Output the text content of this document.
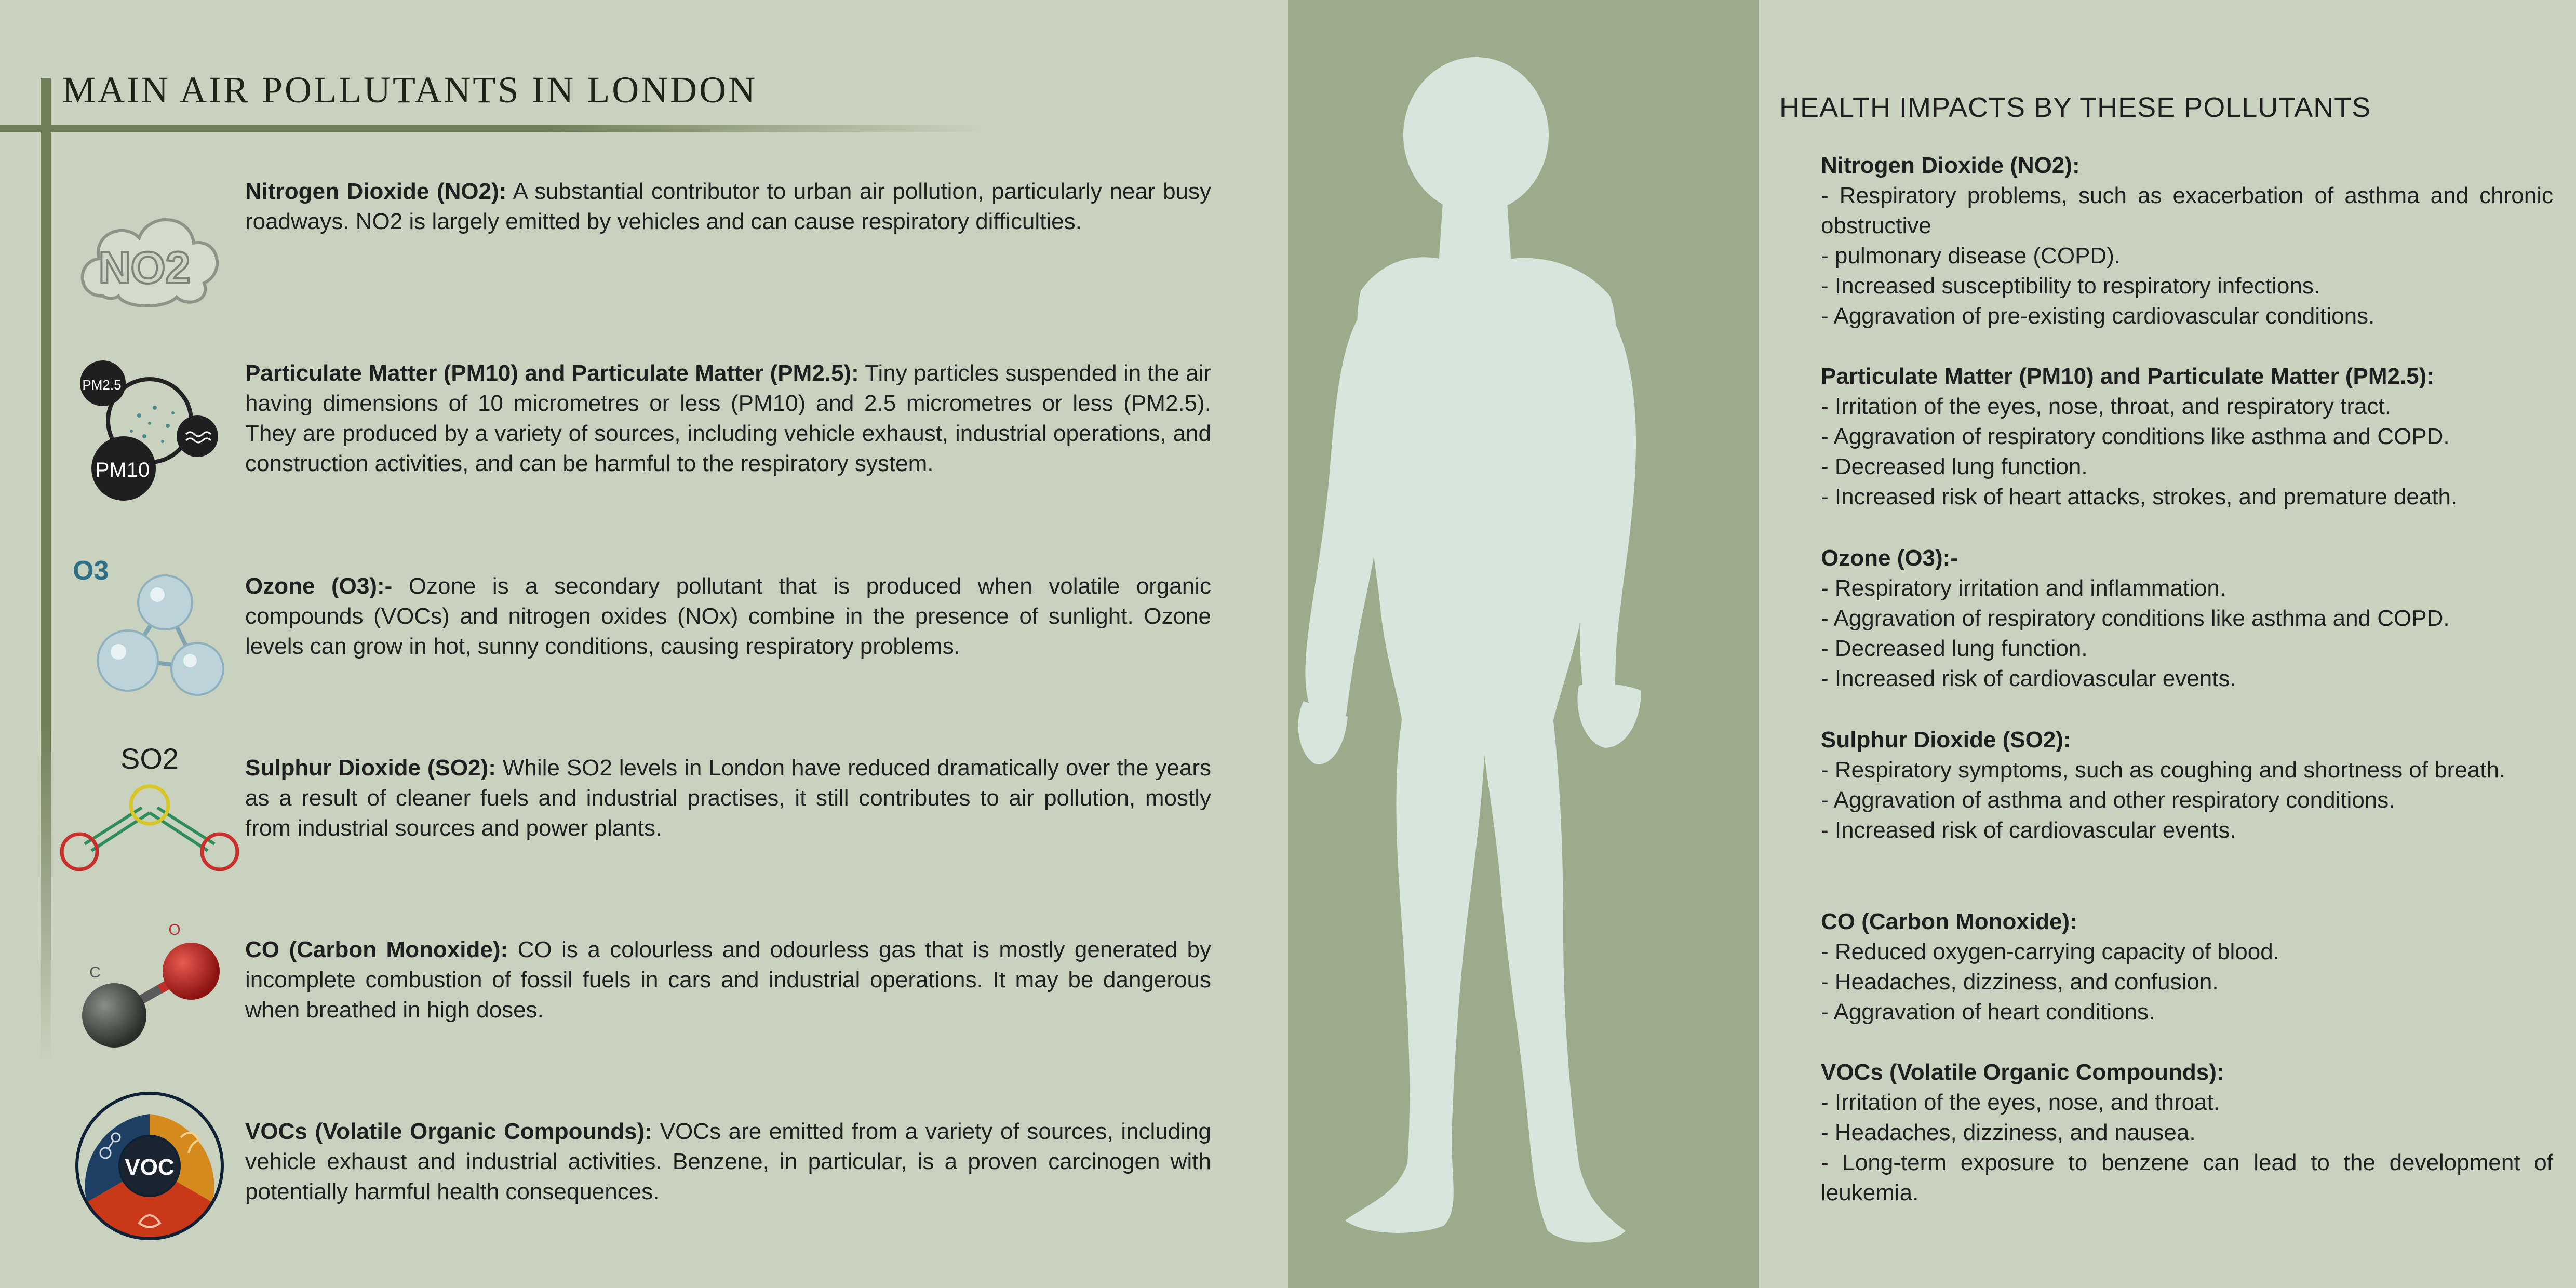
MAIN AIR POLLUTANTS IN LONDON
NO2

Nitrogen Dioxide (NO2): A substantial contributor to urban air pollution, particularly near busy roadways. NO2 is largely emitted by vehicles and can cause respiratory difficulties.

PM2.5
PM10

Particulate Matter (PM10) and Particulate Matter (PM2.5): Tiny particles suspended in the air having dimensions of 10 micrometres or less (PM10) and 2.5 micrometres or less (PM2.5). They are produced by a variety of sources, including vehicle exhaust, industrial operations, and construction activities, and can be harmful to the respiratory system.

O3

Ozone (O3):- Ozone is a secondary pollutant that is produced when volatile organic compounds (VOCs) and nitrogen oxides (NOx) combine in the presence of sunlight. Ozone levels can grow in hot, sunny conditions, causing respiratory problems.

SO2	Sulphur Dioxide (SO2): While SO2 levels in London have reduced dramatically over the years as a result of cleaner fuels and industrial practises, it still contributes to air pollution, mostly from industrial sources and power plants.

O
C

CO (Carbon Monoxide): CO is a colourless and odourless gas that is mostly generated by incomplete combustion of fossil fuels in cars and industrial operations. It may be dangerous when breathed in high doses.

VOC

VOCs (Volatile Organic Compounds): VOCs are emitted from a variety of sources, including vehicle exhaust and industrial activities. Benzene, in particular, is a proven carcinogen with potentially harmful health consequences.

HEALTH IMPACTS BY THESE POLLUTANTS
Nitrogen Dioxide (NO2):
- Respiratory problems, such as exacerbation of asthma and chronic obstructive
- pulmonary disease (COPD).
- Increased susceptibility to respiratory infections.
- Aggravation of pre-existing cardiovascular conditions.
Particulate Matter (PM10) and Particulate Matter (PM2.5):
- Irritation of the eyes, nose, throat, and respiratory tract.
- Aggravation of respiratory conditions like asthma and COPD.
- Decreased lung function.
- Increased risk of heart attacks, strokes, and premature death.
Ozone (O3):-
- Respiratory irritation and inflammation.
- Aggravation of respiratory conditions like asthma and COPD.
- Decreased lung function.
- Increased risk of cardiovascular events.
Sulphur Dioxide (SO2):
- Respiratory symptoms, such as coughing and shortness of breath.
- Aggravation of asthma and other respiratory conditions.
- Increased risk of cardiovascular events.
CO (Carbon Monoxide):
- Reduced oxygen-carrying capacity of blood.
- Headaches, dizziness, and confusion.
- Aggravation of heart conditions.
VOCs (Volatile Organic Compounds):
- Irritation of the eyes, nose, and throat.
- Headaches, dizziness, and nausea.
- Long-term exposure to benzene can lead to the development of leukemia.
